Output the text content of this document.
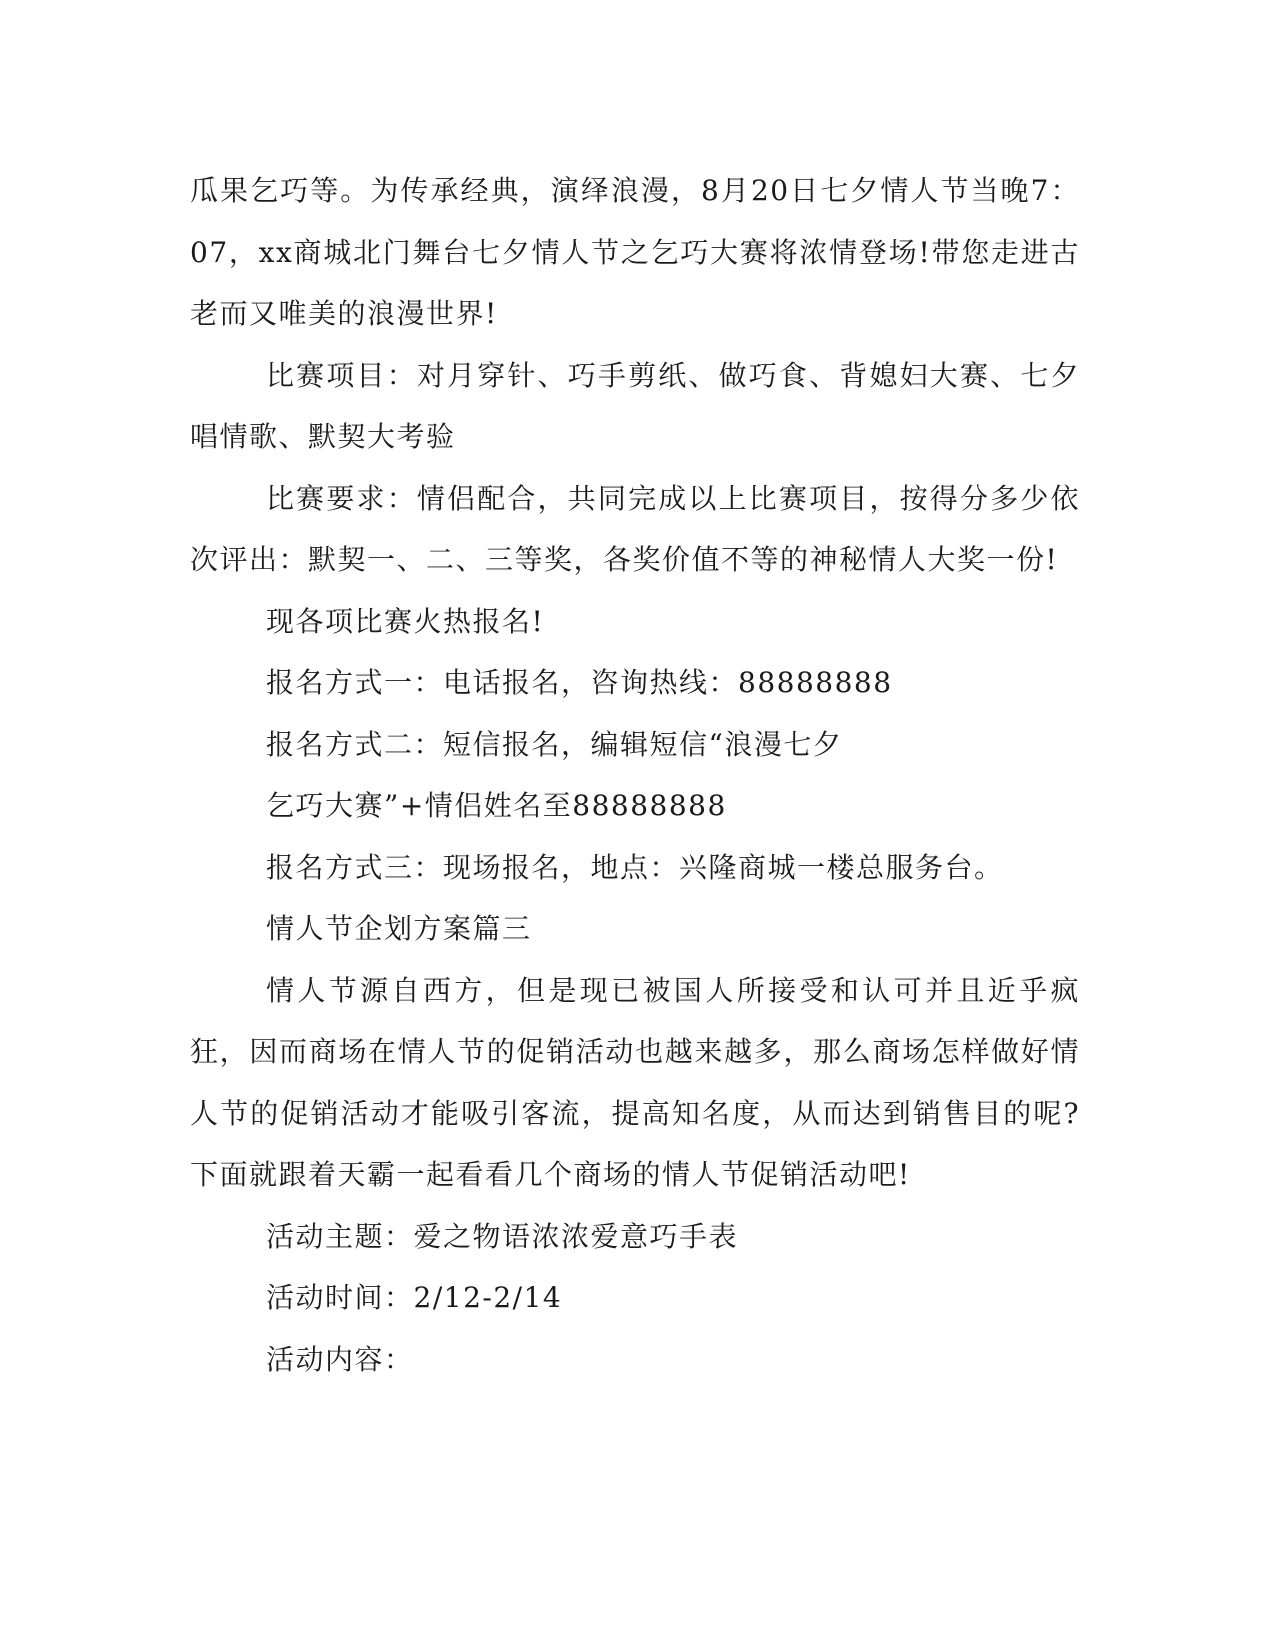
瓜果乞巧等。为传承经典，演绎浪漫，8月20日七夕情人节当晚7：07，xx商城北门舞台七夕情人节之乞巧大赛将浓情登场!带您走进古老而又唯美的浪漫世界!

比赛项目：对月穿针、巧手剪纸、做巧食、背媳妇大赛、七夕唱情歌、默契大考验

比赛要求：情侣配合，共同完成以上比赛项目，按得分多少依次评出：默契一、二、三等奖，各奖价值不等的神秘情人大奖一份!

现各项比赛火热报名!

报名方式一：电话报名，咨询热线：88888888

报名方式二：短信报名，编辑短信“浪漫七夕

乞巧大赛”+情侣姓名至88888888

报名方式三：现场报名，地点：兴隆商城一楼总服务台。

情人节企划方案篇三

情人节源自西方，但是现已被国人所接受和认可并且近乎疯狂，因而商场在情人节的促销活动也越来越多，那么商场怎样做好情人节的促销活动才能吸引客流，提高知名度，从而达到销售目的呢?下面就跟着天霸一起看看几个商场的情人节促销活动吧!

活动主题：爱之物语浓浓爱意巧手表

活动时间：2/12-2/14

活动内容：
